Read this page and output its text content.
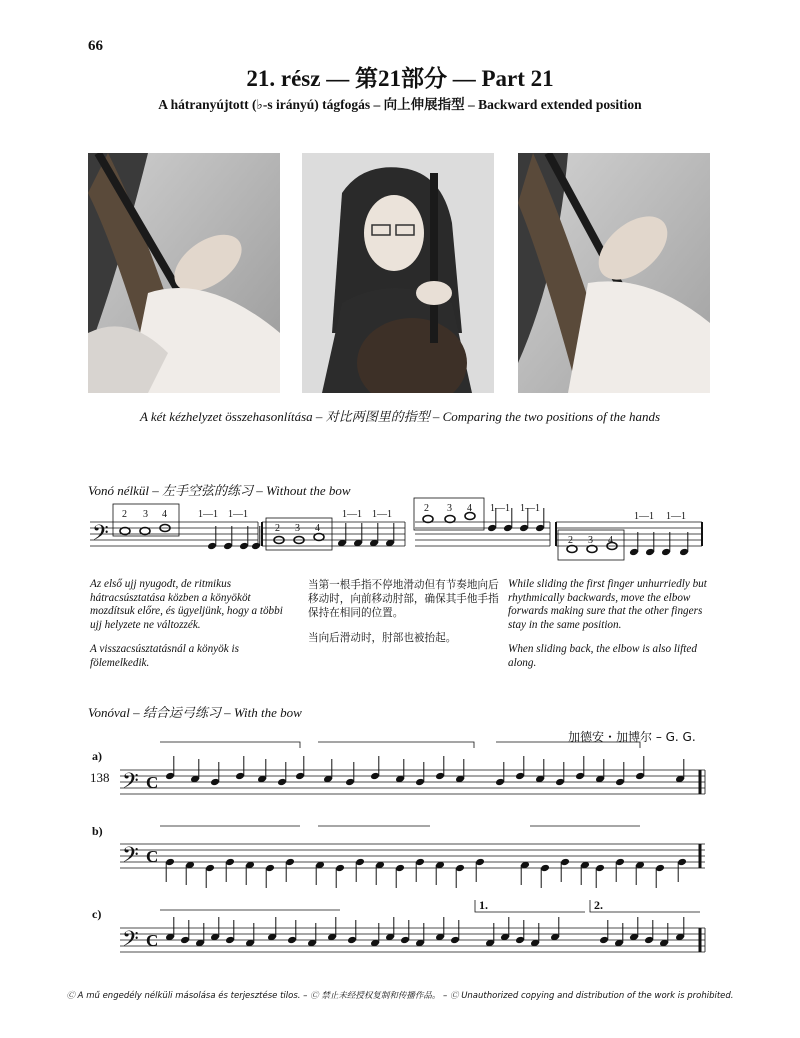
66
21. rész — 第21部分 — Part 21
A hátranyújtott (♭-s irányú) tágfogás – 向上伸展指型 – Backward extended position
A két kézhelyzet összehasonlítása – 对比两图里的指型 – Comparing the two positions of the hands
Vonó nélkül – 左手空弦的练习 – Without the bow
𝄢
2 3 4
2 3 4
2 3 4
2 3 4
1—1 1—1	1—1 1—1
1—1 1—1
1—1 1—1
𝄢
𝄢
𝄢
C
C
C

Az első ujj nyugodt, de ritmikus hátracsúsztatása közben a könyököt mozdítsuk előre, és ügyeljünk, hogy a többi ujj helyzete ne változzék.

A visszacsúsztatásnál a könyök is fölemelkedik.

当第一根手指不停地滑动但有节奏地向后移动时，向前移动肘部，确保其手他手指保持在相同的位置。

当向后滑动时，肘部也被抬起。

While sliding the first finger unhurriedly but rhythmically backwards, move the elbow forwards making sure that the other fingers stay in the same position.

When sliding back, the elbow is also lifted along.

Vonóval – 结合运弓练习 – With the bow
加德安・加博尔 – G. G.
a)
138
b)
c)
1.	2.
Ⓒ A mű engedély nélküli másolása és terjesztése tilos. – Ⓒ 禁止未经授权复制和传播作品。 – Ⓒ Unauthorized copying and distribution of the work is prohibited.
